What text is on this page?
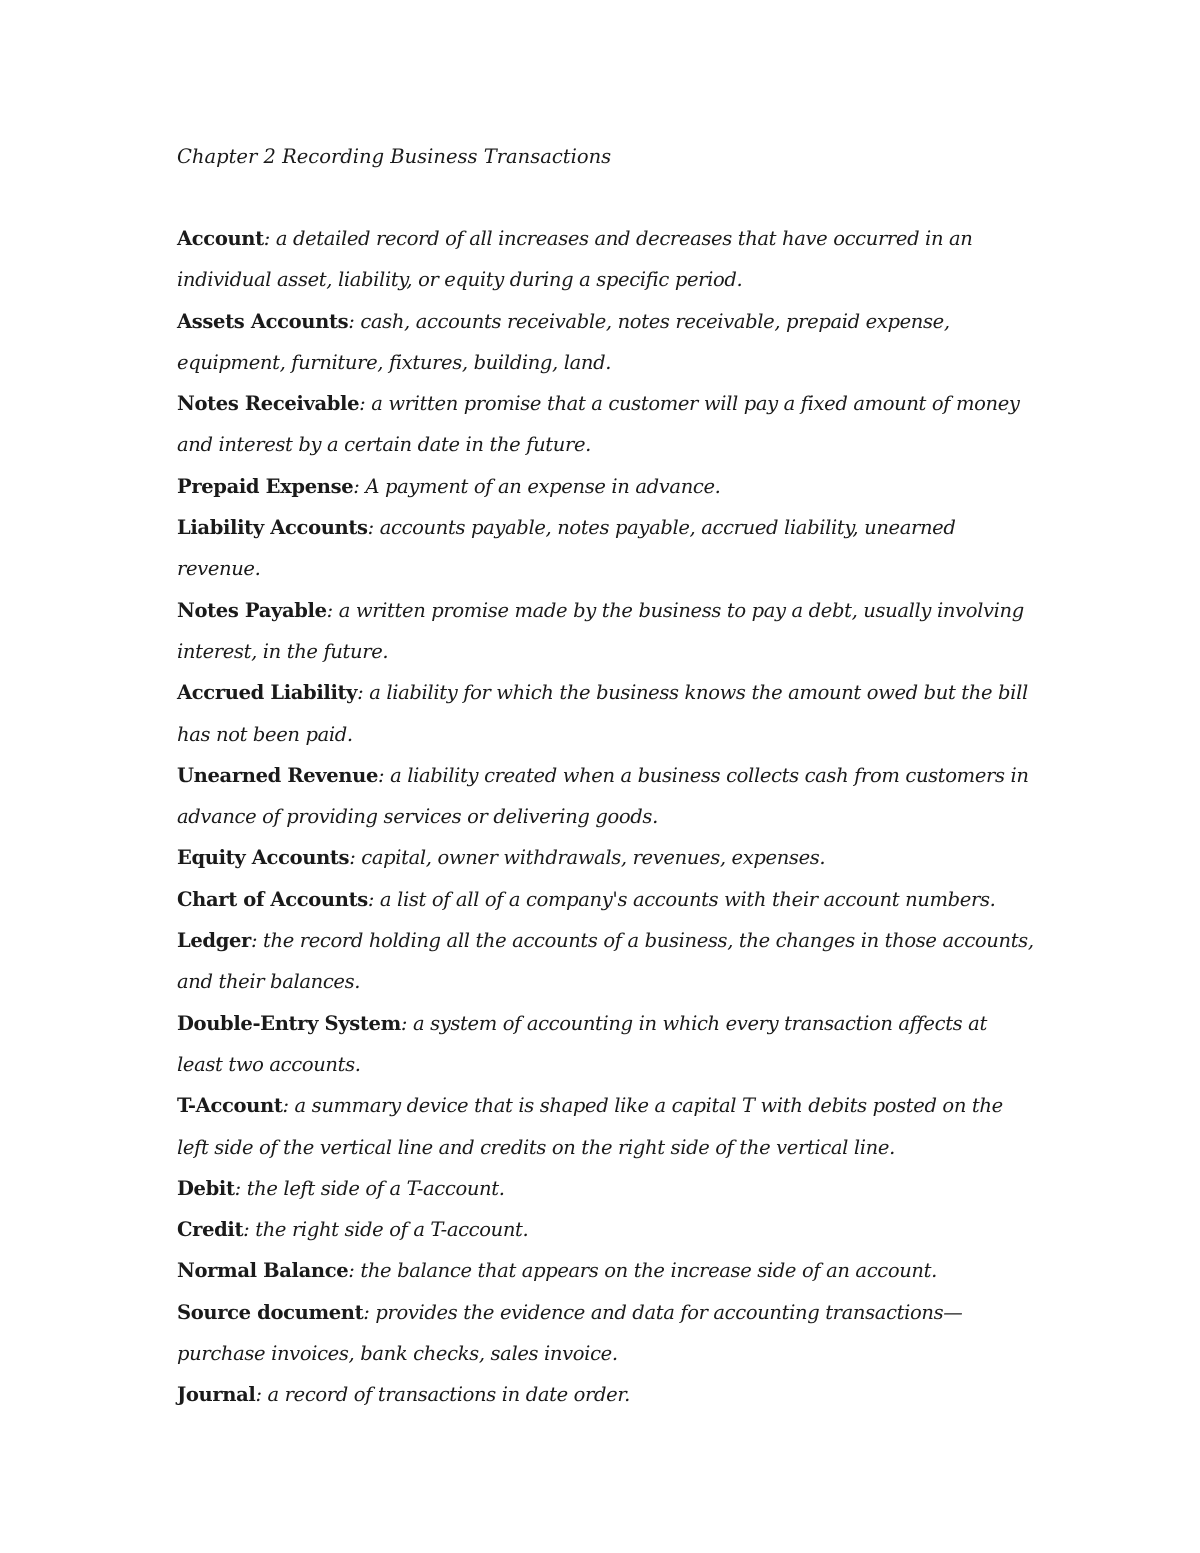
Chapter 2 Recording Business Transactions

Account: a detailed record of all increases and decreases that have occurred in an individual asset, liability, or equity during a specific period.

Assets Accounts: cash, accounts receivable, notes receivable, prepaid expense, equipment, furniture, fixtures, building, land.

Notes Receivable: a written promise that a customer will pay a fixed amount of money and interest by a certain date in the future.

Prepaid Expense: A payment of an expense in advance.

Liability Accounts: accounts payable, notes payable, accrued liability, unearned revenue.

Notes Payable: a written promise made by the business to pay a debt, usually involving interest, in the future.

Accrued Liability: a liability for which the business knows the amount owed but the bill has not been paid.

Unearned Revenue: a liability created when a business collects cash from customers in advance of providing services or delivering goods.

Equity Accounts: capital, owner withdrawals, revenues, expenses.

Chart of Accounts: a list of all of a company's accounts with their account numbers.

Ledger: the record holding all the accounts of a business, the changes in those accounts, and their balances.

Double-Entry System: a system of accounting in which every transaction affects at least two accounts.

T-Account: a summary device that is shaped like a capital T with debits posted on the left side of the vertical line and credits on the right side of the vertical line.

Debit: the left side of a T-account.

Credit: the right side of a T-account.

Normal Balance: the balance that appears on the increase side of an account.

Source document: provides the evidence and data for accounting transactions—purchase invoices, bank checks, sales invoice.

Journal: a record of transactions in date order.
